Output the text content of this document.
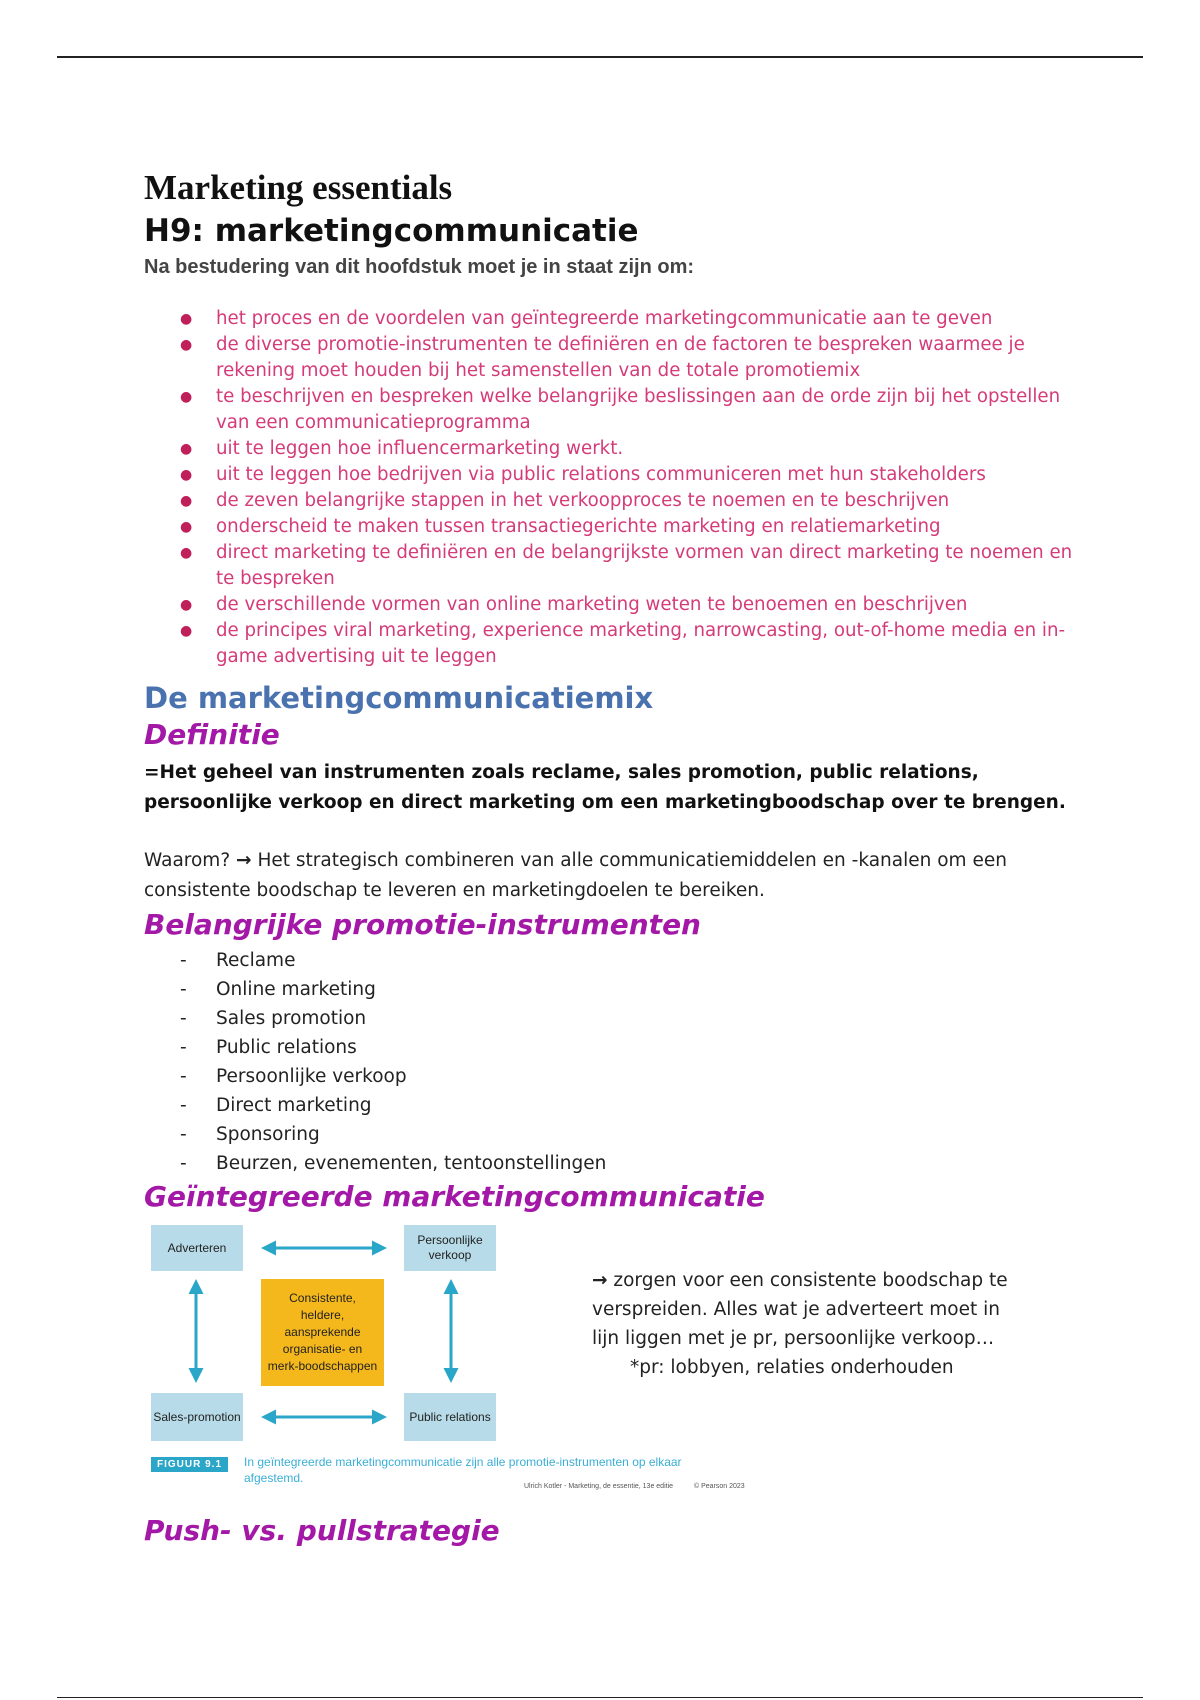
Marketing essentials
H9: marketingcommunicatie

Na bestudering van dit hoofdstuk moet je in staat zijn om:

● het proces en de voordelen van geïntegreerde marketingcommunicatie aan te geven
● de diverse promotie-instrumenten te definiëren en de factoren te bespreken waarmee je rekening moet houden bij het samenstellen van de totale promotiemix
● te beschrijven en bespreken welke belangrijke beslissingen aan de orde zijn bij het opstellen van een communicatieprogramma
● uit te leggen hoe influencermarketing werkt.
● uit te leggen hoe bedrijven via public relations communiceren met hun stakeholders
● de zeven belangrijke stappen in het verkoopproces te noemen en te beschrijven
● onderscheid te maken tussen transactiegerichte marketing en relatiemarketing
● direct marketing te definiëren en de belangrijkste vormen van direct marketing te noemen en te bespreken
● de verschillende vormen van online marketing weten te benoemen en beschrijven
● de principes viral marketing, experience marketing, narrowcasting, out-of-home media en in-game advertising uit te leggen
De marketingcommunicatiemix
Definitie

=Het geheel van instrumenten zoals reclame, sales promotion, public relations, persoonlijke verkoop en direct marketing om een marketingboodschap over te brengen.

Waarom? → Het strategisch combineren van alle communicatiemiddelen en -kanalen om een consistente boodschap te leveren en marketingdoelen te bereiken.

Belangrijke promotie-instrumenten
- Reclame
- Online marketing
- Sales promotion
- Public relations
- Persoonlijke verkoop
- Direct marketing
- Sponsoring
- Beurzen, evenementen, tentoonstellingen
Geïntegreerde marketingcommunicatie
Adverteren
Persoonlijke verkoop
Sales-promotion	Public relations
Consistente, heldere, aansprekende organisatie- en merk-boodschappen
FIGUUR 9.1	In geïntegreerde marketingcommunicatie zijn alle promotie-instrumenten op elkaar afgestemd.
Ulrich Kotler - Marketing, de essentie, 13e editie	© Pearson 2023
→ zorgen voor een consistente boodschap te verspreiden. Alles wat je adverteert moet in lijn liggen met je pr, persoonlijke verkoop…
*pr: lobbyen, relaties onderhouden
Push- vs. pullstrategie
